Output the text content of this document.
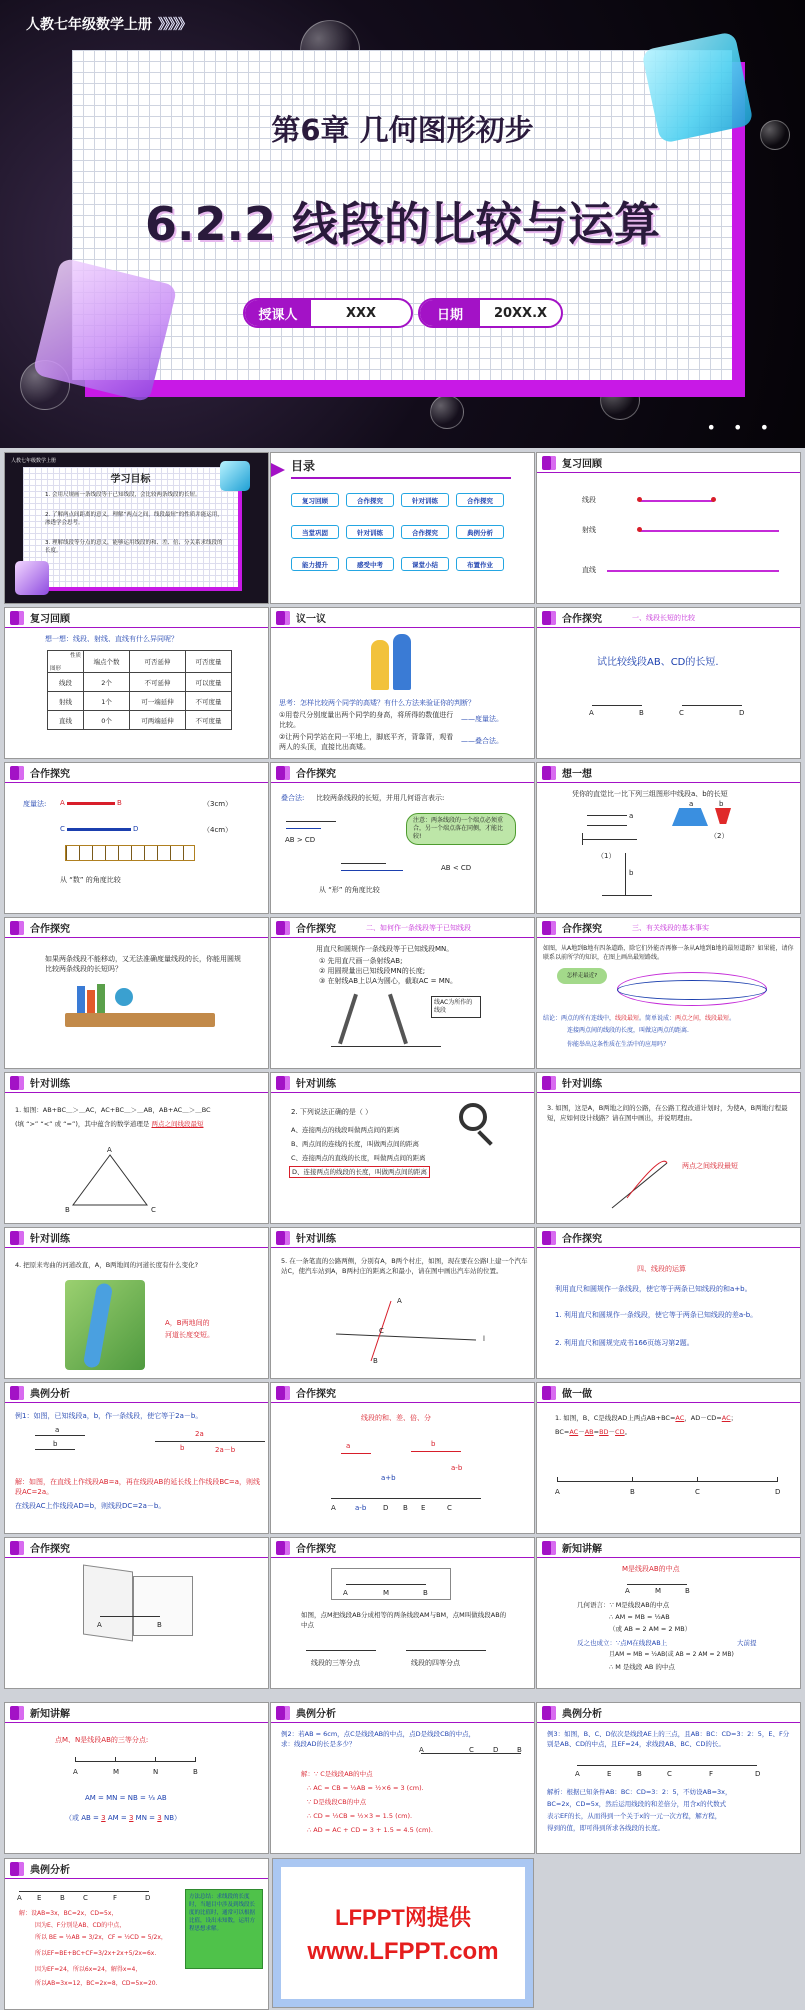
人教七年级数学上册 》》》》》
第6章 几何图形初步
6.2.2 线段的比较与运算
授课人	XXX	日期	20XX.X
• • •
人教七年级数学上册
学习目标
1. 会用尺规画一条线段等于已知线段，会比较两条线段的长短。
2. 了解两点间距离的意义，理解“两点之间，线段最短”的性质并能运用，渗透学会思考。
3. 理解线段等分点的意义，能够运用线段的和、差、倍、分关系求线段的长度。
目录
复习回顾	合作探究	针对训练	合作探究
当堂巩固	针对训练	合作探究	典例分析
能力提升	感受中考	课堂小结	布置作业
复习回顾
线段
射线
直线
复习回顾
想一想：线段、射线、直线有什么异同呢？
性质
图形	端点个数	可否延伸	可否度量
线段	2个	不可延伸	可以度量
射线	1个	可一端延伸	不可度量
直线	0个	可两端延伸	不可度量
议一议
思考：怎样比较两个同学的高矮？有什么方法来验证你的判断？
①用卷尺分别度量出两个同学的身高，将所得的数值进行比较。
——度量法。
②让两个同学站在同一平地上，脚底平齐，背靠背，观看两人的头顶，直接比出高矮。
——叠合法。
合作探究	一、线段长短的比较
试比较线段AB、CD的长短.
A	B	C	D
合作探究
度量法: A	B	（3cm）
C	D	（4cm）
从 “数” 的角度比较
合作探究
叠合法: 比较两条线段的长短，并用几何语言表示:
AB > CD
注意：两条线段的一个端点必须重合，另一个端点落在同侧，才能比较!
AB < CD
从 “形” 的角度比较
想一想
凭你的直觉比一比下列三组图形中线段a、b的长短
a
（1）
a	b
（2）
b
合作探究
如果两条线段不能移动，又无法准确度量线段的长，你能用圆规比较两条线段的长短吗？
合作探究	二、如何作一条线段等于已知线段
用直尺和圆规作一条线段等于已知线段MN。
① 先用直尺画一条射线AB;
② 用圆规量出已知线段MN的长度;
③ 在射线AB上以A为圆心，截取AC = MN。
线AC为所作的线段
合作探究	三、有关线段的基本事实
如图，从A地到B地有四条道路，除它们外能否再修一条从A地到B地的最短道路？如果能，请你联系以前所学的知识，在图上画出最短路线。
怎样走最近?
结论：两点的所有连线中，线段最短。简单说成：两点之间，线段最短。
连接两点间的线段的长度，叫做这两点的距离.
你能举出这条性质在生活中的应用吗？
针对训练
1. 如图：AB+BC＿＞＿AC，AC+BC＿＞＿AB，AB+AC＿＞＿BC
(填 “>” “<” 或 “=”)，其中蕴含的数学道理是 两点之间线段最短
A
B	C
针对训练
2. 下列说法正确的是（ ）
A、连接两点的线段叫做两点间的距离
B、两点间的连线的长度，叫做两点间的距离
C、连接两点的直线的长度，叫做两点间的距离
D、连接两点的线段的长度，叫做两点间的距离
针对训练
3. 如图，这是A，B两地之间的公路，在公路工程改道计划时，为使A，B两地行程最短，应如何设计线路？请在图中画出，并说明理由。
两点之间线段最短
针对训练
4. 把原来弯曲的河道改直，A，B两地间的河道长度有什么变化?
A，B两地间的
河道长度变短。
针对训练
5. 在一条笔直的公路两侧，分别有A，B两个村庄，如图，现在要在公路l上建一个汽车站C，使汽车站到A，B两村庄的距离之和最小，请在图中画出汽车站的位置。
A
B
C
l
合作探究
四、线段的运算
利用直尺和圆规作一条线段，使它等于两条已知线段的和a+b。
1. 利用直尺和圆规作一条线段，使它等于两条已知线段的差a-b。
2. 利用直尺和圆规完成书166页练习第2题。
典例分析
例1：如图，已知线段a，b，作一条线段，使它等于2a－b。
a
b
2a
b	2a－b
解：如图，在直线上作线段AB=a，再在线段AB的延长线上作线段BC=a，则线段AC=2a。
在线段AC上作线段AD=b，则线段DC=2a－b。
合作探究
线段的和、差、倍、分
a	b
a+b
a-b
A	a-b D B	C
E
做一做
1. 如图，B、C是线段AD上两点AB+BC=AC，AD－CD=AC；
BC=AC－AB=BD－CD。
A	B	C	D
合作探究
A	B
合作探究
A	M	B
如图，点M把线段AB分成相等的两条线段AM与BM，点M叫做线段AB的中点
线段的三等分点	线段的四等分点
新知讲解
M是线段AB的中点
A	M	B
几何语言：∵ M是线段AB的中点
∴ AM = MB = ½AB
（或 AB = 2 AM = 2 MB）
反之也成立：∵点M在线段AB上	大前提
且AM = MB = ½AB(或 AB = 2 AM = 2 MB)
∴ M 是线段 AB 的中点
新知讲解
点M、N是线段AB的三等分点:
A	M	N	B
AM = MN = NB = ⅓ AB
（或 AB = 3 AM = 3 MN = 3 NB）
典例分析
例2：若AB = 6cm，点C是线段AB的中点，点D是线段CB的中点，求：线段AD的长是多少？
A	C	D	B
解：∵ C是线段AB的中点
∴ AC = CB = ½AB = ½×6 = 3 (cm).
∵ D是线段CB的中点
∴ CD = ½CB = ½×3 = 1.5 (cm).
∴ AD = AC + CD = 3 + 1.5 = 4.5 (cm).
典例分析
例3：如图，B、C、D依次是线段AE上的三点，且AB：BC：CD=3：2：5，E、F分别是AB、CD的中点，且EF=24，求线段AB、BC、CD的长。
A	E	B	C	F	D
解析：根据已知条件AB：BC：CD=3：2：5，不妨设AB=3x，
BC=2x，CD=5x，然后运用线段的和差倍分，用含x的代数式
表示EF的长，从而得到一个关于x的一元一次方程，解方程，
得到的值，即可得到所求各线段的长度。
典例分析
A E	B	C	F	D
解：设AB=3x，BC=2x，CD=5x，
因为E、F分别是AB、CD的中点，
所以 BE = ½AB = 3/2x，CF = ½CD = 5/2x，
所以EF=BE+BC+CF=3/2x+2x+5/2x=6x.
因为EF=24，所以6x=24，解得x=4，
所以AB=3x=12，BC=2x=8，CD=5x=20.
方法总结：求线段的长度时，当题目中涉及到线段长度的比值时，通常可以根据比值，设出未知数，运用方程思想求解。	LFPPT网提供
www.LFPPT.com
